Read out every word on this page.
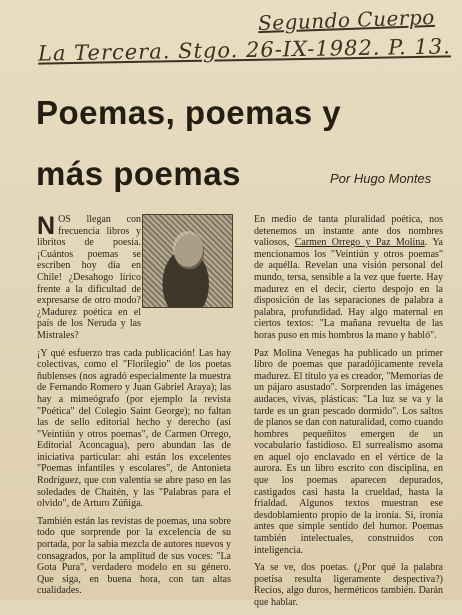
Segundo Cuerpo
La Tercera. Stgo. 26-IX-1982. P. 13.
Poemas, poemas y
más poemas	Por Hugo Montes

NOS llegan con frecuencia libros y libritos de poesía. ¡Cuántos poemas se escriben hoy día en Chile! ¿Desahogo lírico frente a la dificultad de expresarse de otro modo? ¿Madurez poética en el país de los Neruda y las Mistrales?

¡Y qué esfuerzo tras cada publicación! Las hay colectivas, como el "Florilegio" de los poetas ñublenses (nos agradó especialmente la muestra de Fernando Romero y Juan Gabriel Araya); las hay a mimeógrafo (por ejemplo la revista "Poética" del Colegio Saint George); no faltan las de sello editorial hecho y derecho (así "Veintiún y otros poemas", de Carmen Orrego, Editorial Aconcagua), pero abundan las de iniciativa particular: ahí están los excelentes "Poemas infantiles y escolares", de Antonieta Rodríguez, que con valentía se abre paso en las soledades de Chaitén, y las "Palabras para el olvido", de Arturo Zúñiga.

También están las revistas de poemas, una sobre todo que sorprende por la excelencia de su portada, por la sabia mezcla de autores nuevos y consagrados, por la amplitud de sus voces: "La Gota Pura", verdadero modelo en su género. Que siga, en buena hora, con tan altas cualidades.

En medio de tanta pluralidad poética, nos detenemos un instante ante dos nombres valiosos, Carmen Orrego y Paz Molina. Ya mencionamos los "Veintiún y otros poemas" de aquélla. Revelan una visión personal del mundo, tersa, sensible a la vez que fuerte. Hay madurez en el decir, cierto despojo en la disposición de las separaciones de palabra a palabra, profundidad. Hay algo maternal en ciertos textos: "La mañana revuelta de las horas puso en mis hombros la mano y habló".

Paz Molina Venegas ha publicado un primer libro de poemas que paradójicamente revela madurez. El título ya es creador, "Memorias de un pájaro asustado". Sorprenden las imágenes audaces, vivas, plásticas: "La luz se va y la tarde es un gran pescado dormido". Los saltos de planos se dan con naturalidad, como cuando hombres pequeñitos emergen de un vocabulario fastidioso. El surrealismo asoma en aquel ojo enclavado en el vértice de la aurora. Es un libro escrito con disciplina, en que los poemas aparecen depurados, castigados casi hasta la crueldad, hasta la frialdad. Algunos textos muestran ese desdoblamiento propio de la ironía. Sí, ironía antes que simple sentido del humor. Poemas también intelectuales, construidos con inteligencia.

Ya se ve, dos poetas. (¿Por qué la palabra poetisa resulta ligeramente despectiva?) Recios, algo duros, herméticos también. Darán que hablar.
